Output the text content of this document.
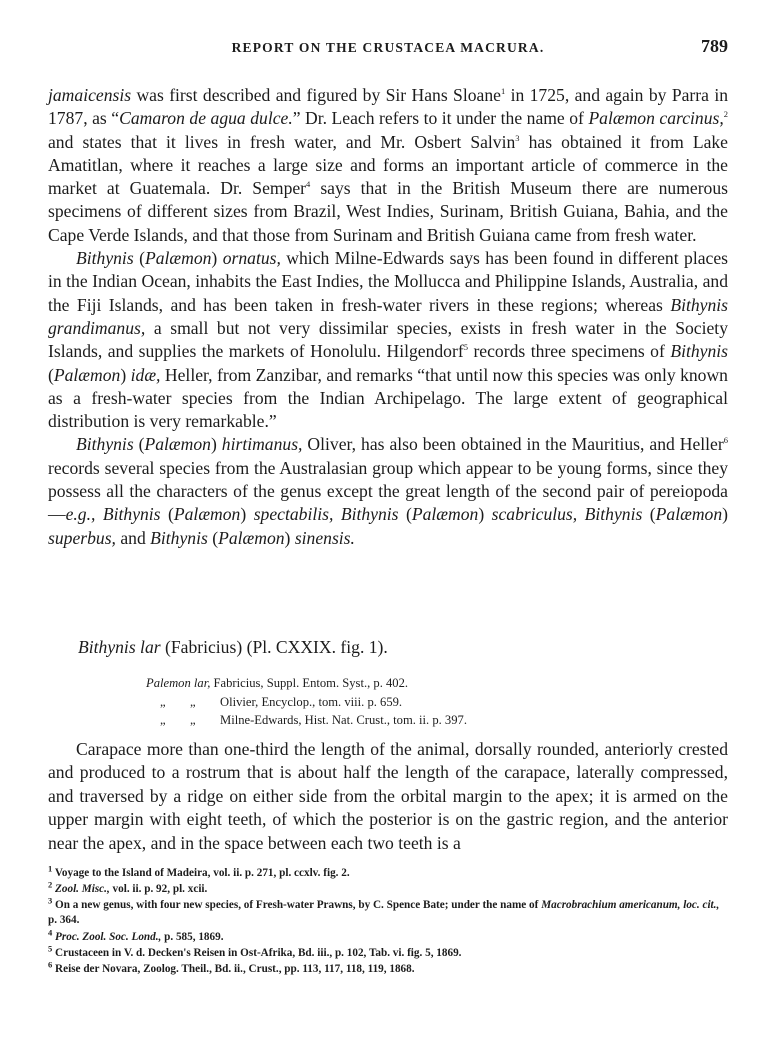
REPORT ON THE CRUSTACEA MACRURA.	789

jamaicensis was first described and figured by Sir Hans Sloane$^1$ in 1725, and again by Parra in 1787, as “Camaron de agua dulce.” Dr. Leach refers to it under the name of Palæmon carcinus,$^2$ and states that it lives in fresh water, and Mr. Osbert Salvin$^3$ has obtained it from Lake Amatitlan, where it reaches a large size and forms an important article of commerce in the market at Guatemala. Dr. Semper$^4$ says that in the British Museum there are numerous specimens of different sizes from Brazil, West Indies, Surinam, British Guiana, Bahia, and the Cape Verde Islands, and that those from Surinam and British Guiana came from fresh water.

Bithynis (Palæmon) ornatus, which Milne-Edwards says has been found in different places in the Indian Ocean, inhabits the East Indies, the Mollucca and Philippine Islands, Australia, and the Fiji Islands, and has been taken in fresh-water rivers in these regions; whereas Bithynis grandimanus, a small but not very dissimilar species, exists in fresh water in the Society Islands, and supplies the markets of Honolulu. Hilgendorf$^5$ records three specimens of Bithynis (Palæmon) idæ, Heller, from Zanzibar, and remarks “that until now this species was only known as a fresh-water species from the Indian Archipelago. The large extent of geographical distribution is very remarkable.”

Bithynis (Palæmon) hirtimanus, Oliver, has also been obtained in the Mauritius, and Heller$^6$ records several species from the Australasian group which appear to be young forms, since they possess all the characters of the genus except the great length of the second pair of pereiopoda—e.g., Bithynis (Palæmon) spectabilis, Bithynis (Palæmon) scabriculus, Bithynis (Palæmon) superbus, and Bithynis (Palæmon) sinensis.

Bithynis lar (Fabricius) (Pl. CXXIX. fig. 1).
Palemon lar, Fabricius, Suppl. Entom. Syst., p. 402.
„ „ Olivier, Encyclop., tom. viii. p. 659.
„ „ Milne-Edwards, Hist. Nat. Crust., tom. ii. p. 397.

Carapace more than one-third the length of the animal, dorsally rounded, anteriorly crested and produced to a rostrum that is about half the length of the carapace, laterally compressed, and traversed by a ridge on either side from the orbital margin to the apex; it is armed on the upper margin with eight teeth, of which the posterior is on the gastric region, and the anterior near the apex, and in the space between each two teeth is a

$^1$ Voyage to the Island of Madeira, vol. ii. p. 271, pl. ccxlv. fig. 2.
$^2$ Zool. Misc., vol. ii. p. 92, pl. xcii.
$^3$ On a new genus, with four new species, of Fresh-water Prawns, by C. Spence Bate; under the name of Macrobrachium americanum, loc. cit., p. 364.
$^4$ Proc. Zool. Soc. Lond., p. 585, 1869.
$^5$ Crustaceen in V. d. Decken's Reisen in Ost-Afrika, Bd. iii., p. 102, Tab. vi. fig. 5, 1869.
$^6$ Reise der Novara, Zoolog. Theil., Bd. ii., Crust., pp. 113, 117, 118, 119, 1868.
